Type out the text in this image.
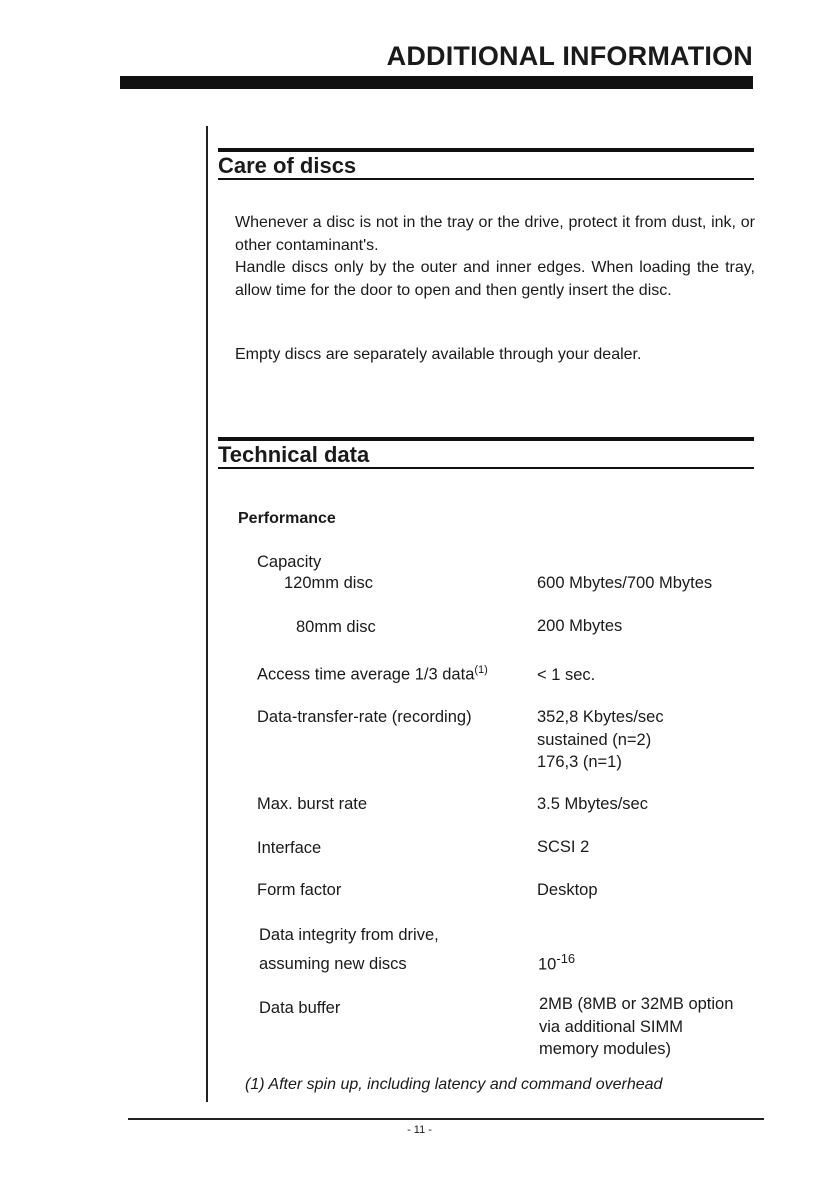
ADDITIONAL INFORMATION
Care of discs

Whenever a disc is not in the tray or the drive, protect it from dust, ink, or other contaminant's.

Handle discs only by the outer and inner edges. When loading the tray, allow time for the door to open and then gently insert the disc.

Empty discs are separately available through your dealer.
Technical data
Performance
Capacity
120mm disc	600 Mbytes/700 Mbytes
80mm disc	200 Mbytes
Access time average 1/3 data$^{(1)}$	< 1 sec.
Data-transfer-rate (recording)	352,8 Kbytes/sec
sustained (n=2)
176,3 (n=1)
Max. burst rate	3.5 Mbytes/sec
Interface	SCSI 2
Form factor	Desktop
Data integrity from drive,
assuming new discs	$10^{-16}$
Data buffer	2MB (8MB or 32MB option
via additional SIMM
memory modules)
(1) After spin up, including latency and command overhead
- 11 -
